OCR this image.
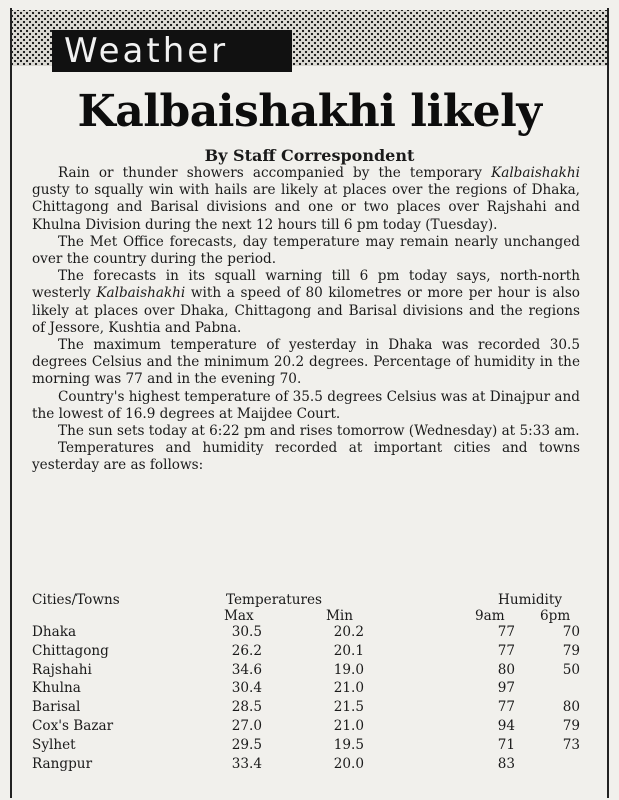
Weather
Kalbaishakhi likely
By Staff Correspondent

Rain or thunder showers accompanied by the temporary Kalbaishakhi gusty to squally win with hails are likely at places over the regions of Dhaka, Chittagong and Barisal divisions and one or two places over Rajshahi and Khulna Division during the next 12 hours till 6 pm today (Tuesday).

The Met Office forecasts, day temperature may remain nearly unchanged over the country during the period.

The forecasts in its squall warning till 6 pm today says, north-north westerly Kalbaishakhi with a speed of 80 kilometres or more per hour is also likely at places over Dhaka, Chittagong and Barisal divisions and the regions of Jessore, Kushtia and Pabna.

The maximum temperature of yesterday in Dhaka was recorded 30.5 degrees Celsius and the minimum 20.2 degrees. Percentage of humidity in the morning was 77 and in the evening 70.

Country's highest temperature of 35.5 degrees Celsius was at Dinajpur and the lowest of 16.9 degrees at Maijdee Court.

The sun sets today at 6:22 pm and rises tomorrow (Wednesday) at 5:33 am.

Temperatures and humidity recorded at important cities and towns yesterday are as follows:

Cities/Towns	Temperatures	Humidity
Max	Min	9am	6pm
Dhaka	30.5	20.2	77	70
Chittagong	26.2	20.1	77	79
Rajshahi	34.6	19.0	80	50
Khulna	30.4	21.0	97
Barisal	28.5	21.5	77	80
Cox's Bazar	27.0	21.0	94	79
Sylhet	29.5	19.5	71	73
Rangpur	33.4	20.0	83
